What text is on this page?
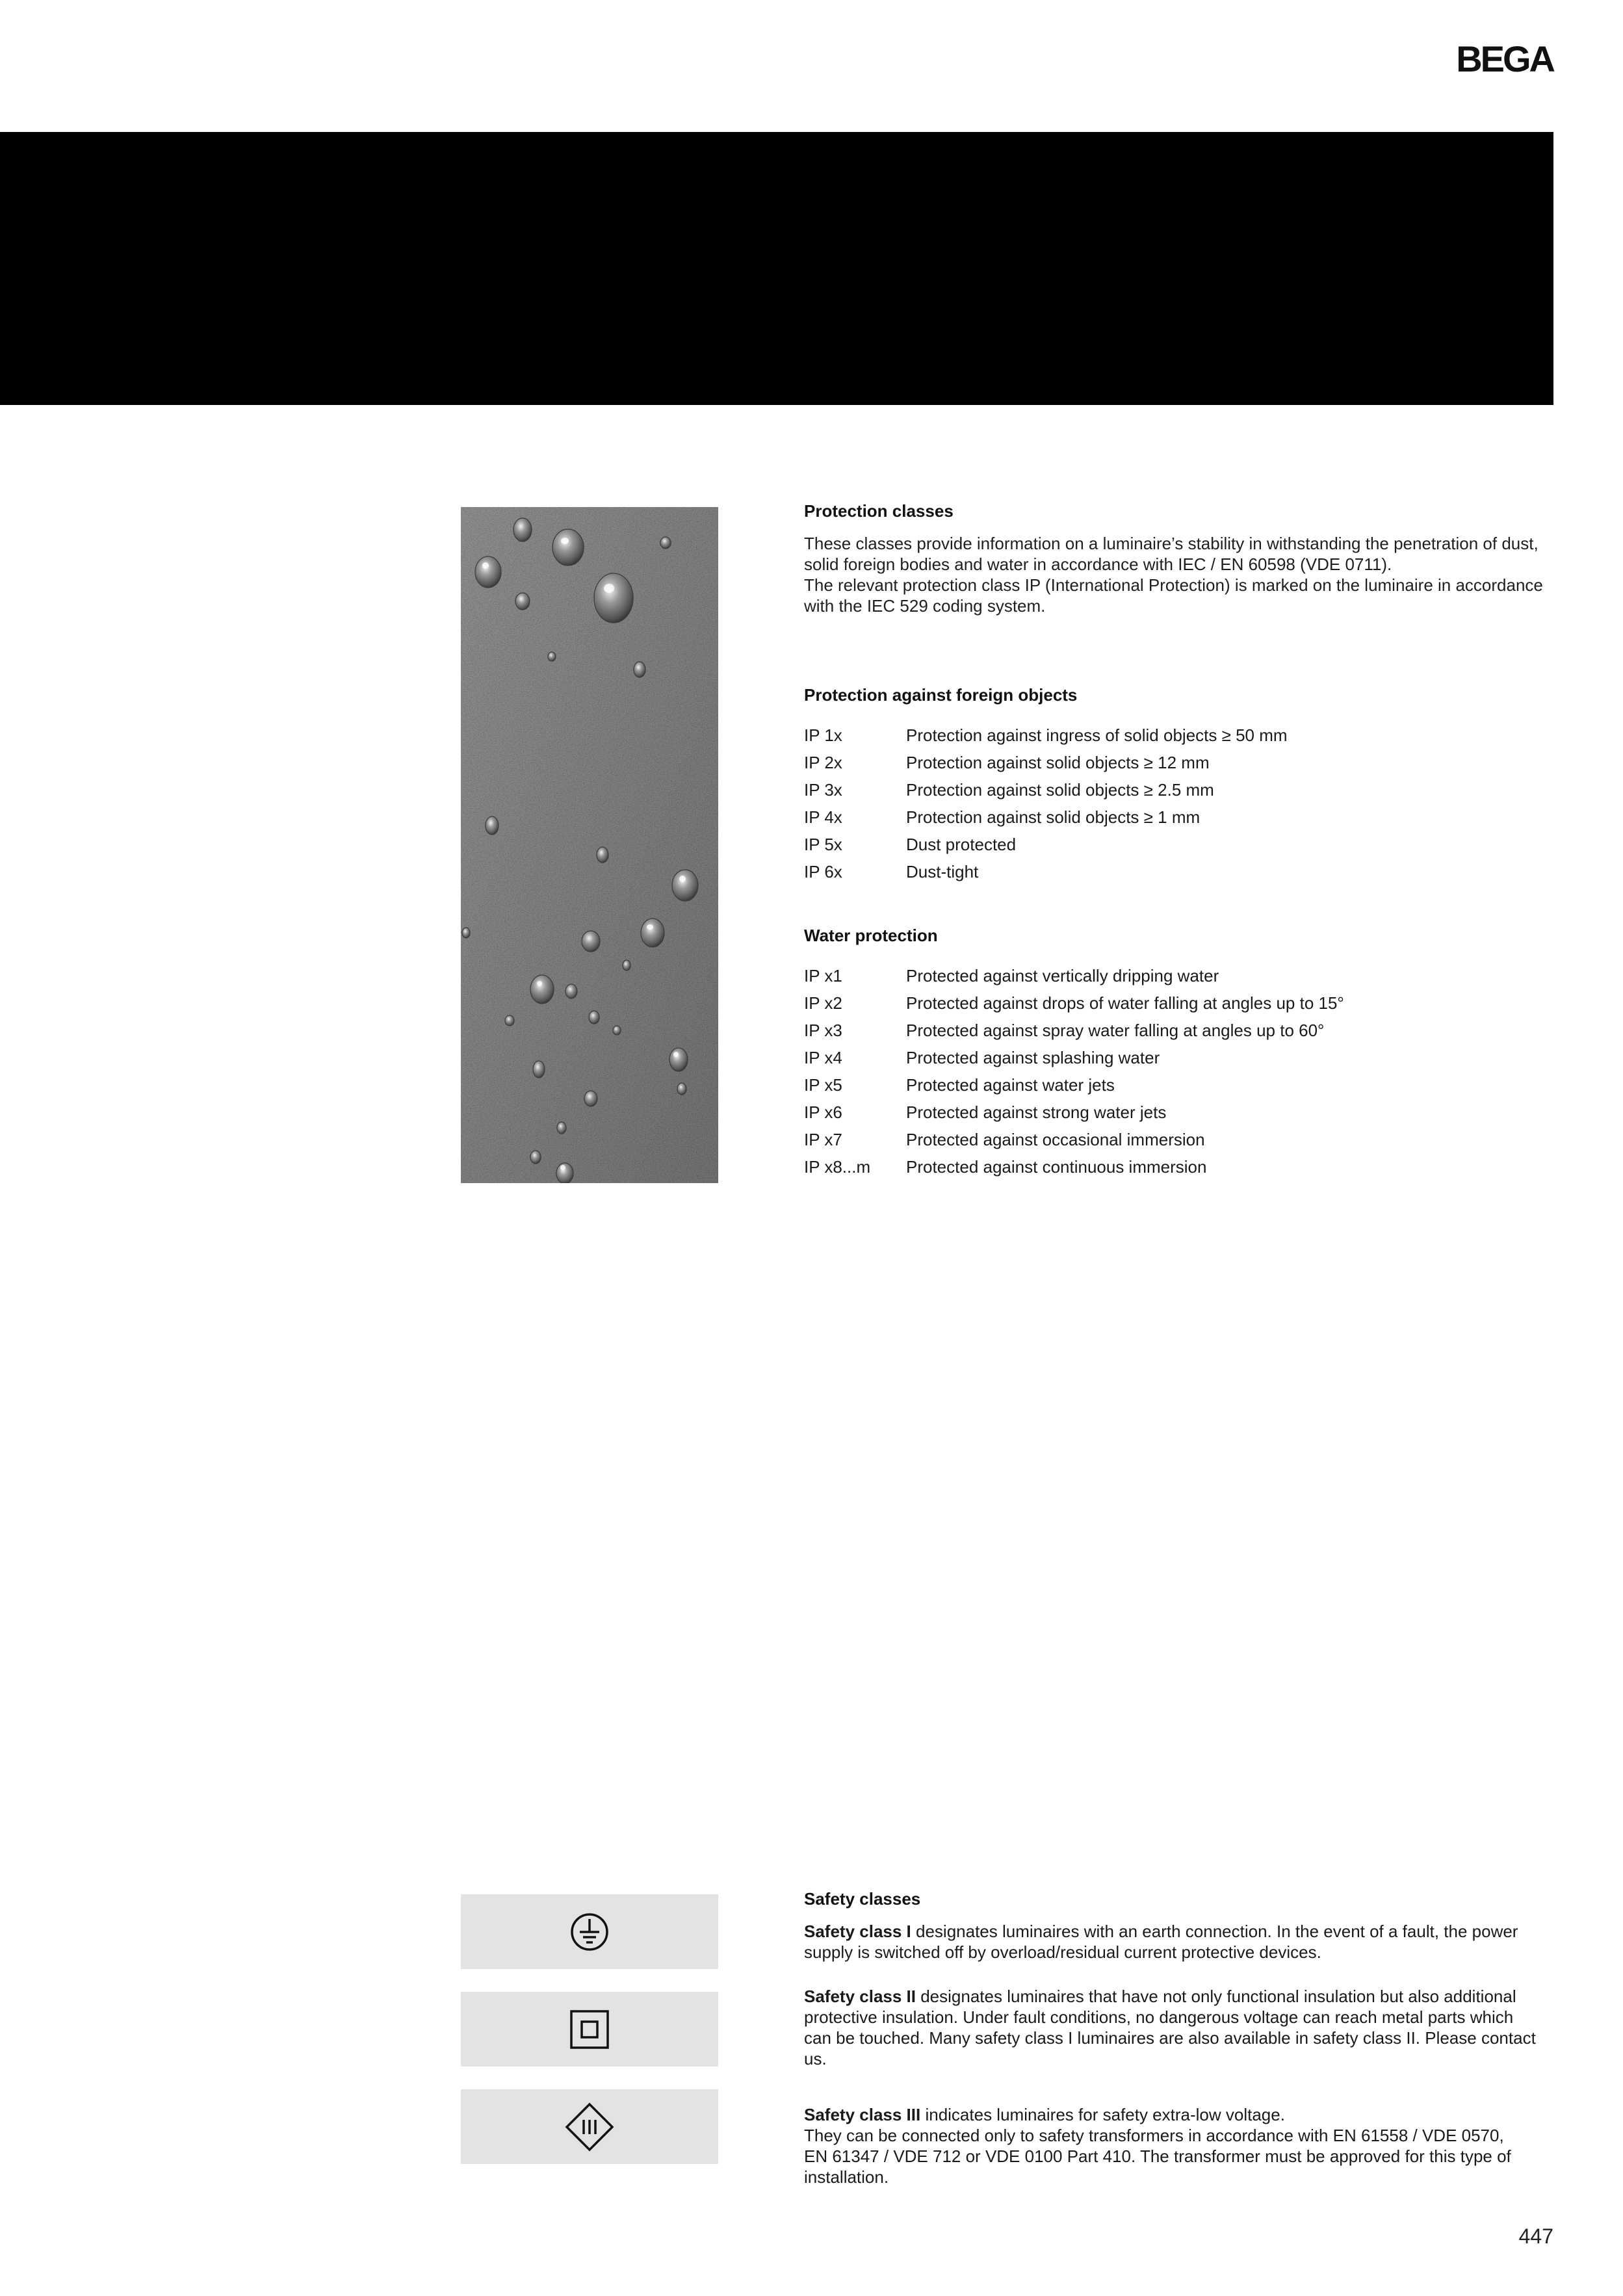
BEGA

Protection classes

These classes provide information on a luminaire’s stability in withstanding the penetration of dust,

solid foreign bodies and water in accordance with IEC / EN 60598 (VDE 0711).

The relevant protection class IP (International Protection) is marked on the luminaire in accordance

with the IEC 529 coding system.

Protection against foreign objects

IP 1x	Protection against ingress of solid objects ≥ 50 mm
IP 2x	Protection against solid objects ≥ 12 mm
IP 3x	Protection against solid objects ≥ 2.5 mm
IP 4x	Protection against solid objects ≥ 1 mm
IP 5x	Dust protected
IP 6x	Dust-tight

Water protection

IP x1	Protected against vertically dripping water
IP x2	Protected against drops of water falling at angles up to 15°
IP x3	Protected against spray water falling at angles up to 60°
IP x4	Protected against splashing water
IP x5	Protected against water jets
IP x6	Protected against strong water jets
IP x7	Protected against occasional immersion
IP x8...m	Protected against continuous immersion

Safety classes

Safety class I designates luminaires with an earth connection. In the event of a fault, the power

supply is switched off by overload/residual current protective devices.

Safety class II designates luminaires that have not only functional insulation but also additional

protective insulation. Under fault conditions, no dangerous voltage can reach metal parts which

can be touched. Many safety class I luminaires are also available in safety class II. Please contact us.

Safety class III indicates luminaires for safety extra-low voltage.

They can be connected only to safety transformers in accordance with EN 61558 / VDE 0570,

EN 61347 / VDE 712 or VDE 0100 Part 410. The transformer must be approved for this type of

installation.

447
